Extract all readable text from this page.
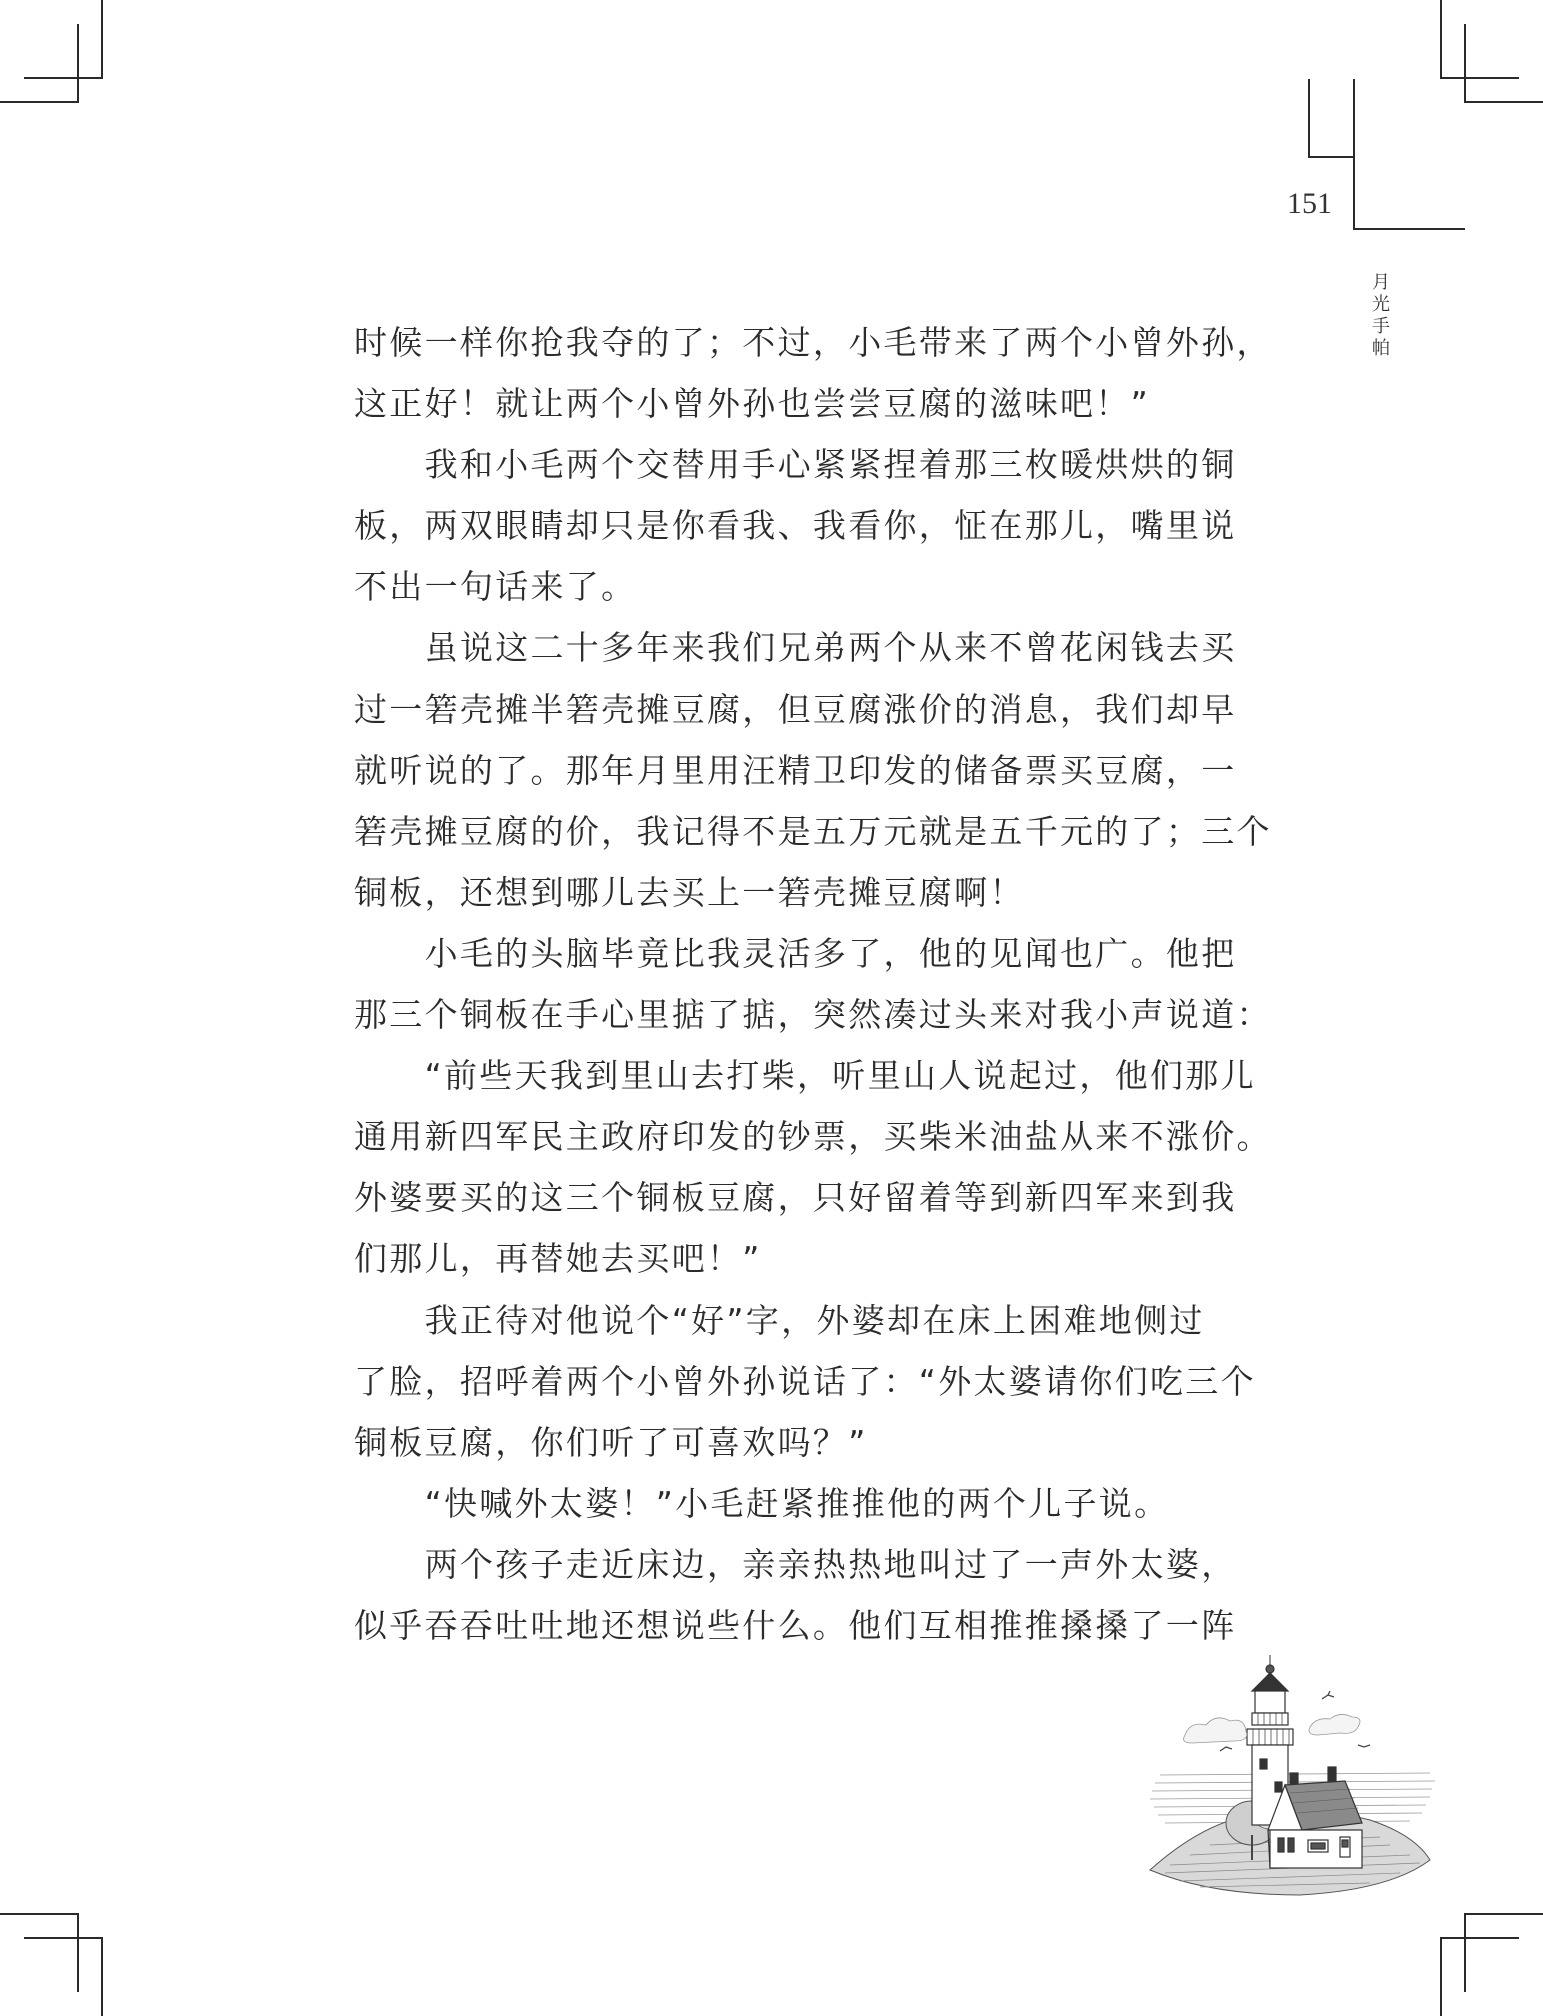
151
月
光
手
帕
时候一样你抢我夺的了；不过，小毛带来了两个小曾外孙，
这正好！就让两个小曾外孙也尝尝豆腐的滋味吧！”
　　我和小毛两个交替用手心紧紧捏着那三枚暖烘烘的铜
板，两双眼睛却只是你看我、我看你，怔在那儿，嘴里说
不出一句话来了。
　　虽说这二十多年来我们兄弟两个从来不曾花闲钱去买
过一箬壳摊半箬壳摊豆腐，但豆腐涨价的消息，我们却早
就听说的了。那年月里用汪精卫印发的储备票买豆腐，一
箬壳摊豆腐的价，我记得不是五万元就是五千元的了；三个
铜板，还想到哪儿去买上一箬壳摊豆腐啊！
　　小毛的头脑毕竟比我灵活多了，他的见闻也广。他把
那三个铜板在手心里掂了掂，突然凑过头来对我小声说道：
　　“前些天我到里山去打柴，听里山人说起过，他们那儿
通用新四军民主政府印发的钞票，买柴米油盐从来不涨价。
外婆要买的这三个铜板豆腐，只好留着等到新四军来到我
们那儿，再替她去买吧！”
　　我正待对他说个“好”字，外婆却在床上困难地侧过
了脸，招呼着两个小曾外孙说话了：“外太婆请你们吃三个
铜板豆腐，你们听了可喜欢吗？”
　　“快喊外太婆！”小毛赶紧推推他的两个儿子说。
　　两个孩子走近床边，亲亲热热地叫过了一声外太婆，
似乎吞吞吐吐地还想说些什么。他们互相推推搡搡了一阵
